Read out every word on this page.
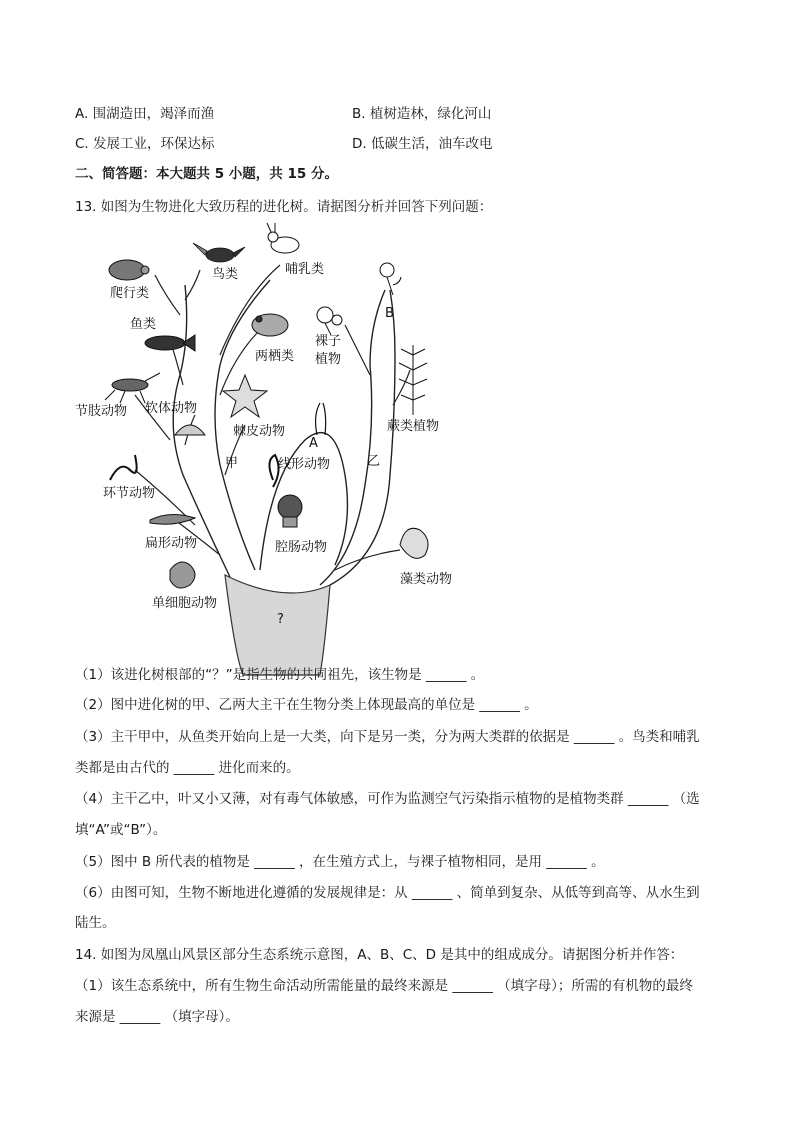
A. 围湖造田，竭泽而渔	B. 植树造林，绿化河山
C. 发展工业，环保达标	D. 低碳生活，油车改电
二、简答题：本大题共 5 小题，共 15 分。
13. 如图为生物进化大致历程的进化树。请据图分析并回答下列问题：
鸟类	哺乳类
爬行类
鱼类
两栖类
裸子
植物
B
节肢动物 软体动物
棘皮动物
A
蕨类植物
甲	线形动物	乙
环节动物
扁形动物	腔肠动物
藻类动物
单细胞动物
?
（1）该进化树根部的“？”是指生物的共同祖先，该生物是 ______ 。
（2）图中进化树的甲、乙两大主干在生物分类上体现最高的单位是 ______ 。
（3）主干甲中，从鱼类开始向上是一大类，向下是另一类，分为两大类群的依据是 ______ 。鸟类和哺乳
类都是由古代的 ______ 进化而来的。
（4）主干乙中，叶又小又薄，对有毒气体敏感，可作为监测空气污染指示植物的是植物类群 ______ （选
填“A”或“B”）。
（5）图中 B 所代表的植物是 ______ ，在生殖方式上，与裸子植物相同，是用 ______ 。
（6）由图可知，生物不断地进化遵循的发展规律是：从 ______ 、简单到复杂、从低等到高等、从水生到
陆生。
14. 如图为凤凰山风景区部分生态系统示意图，A、B、C、D 是其中的组成成分。请据图分析并作答：
（1）该生态系统中，所有生物生命活动所需能量的最终来源是 ______ （填字母）；所需的有机物的最终
来源是 ______ （填字母）。
